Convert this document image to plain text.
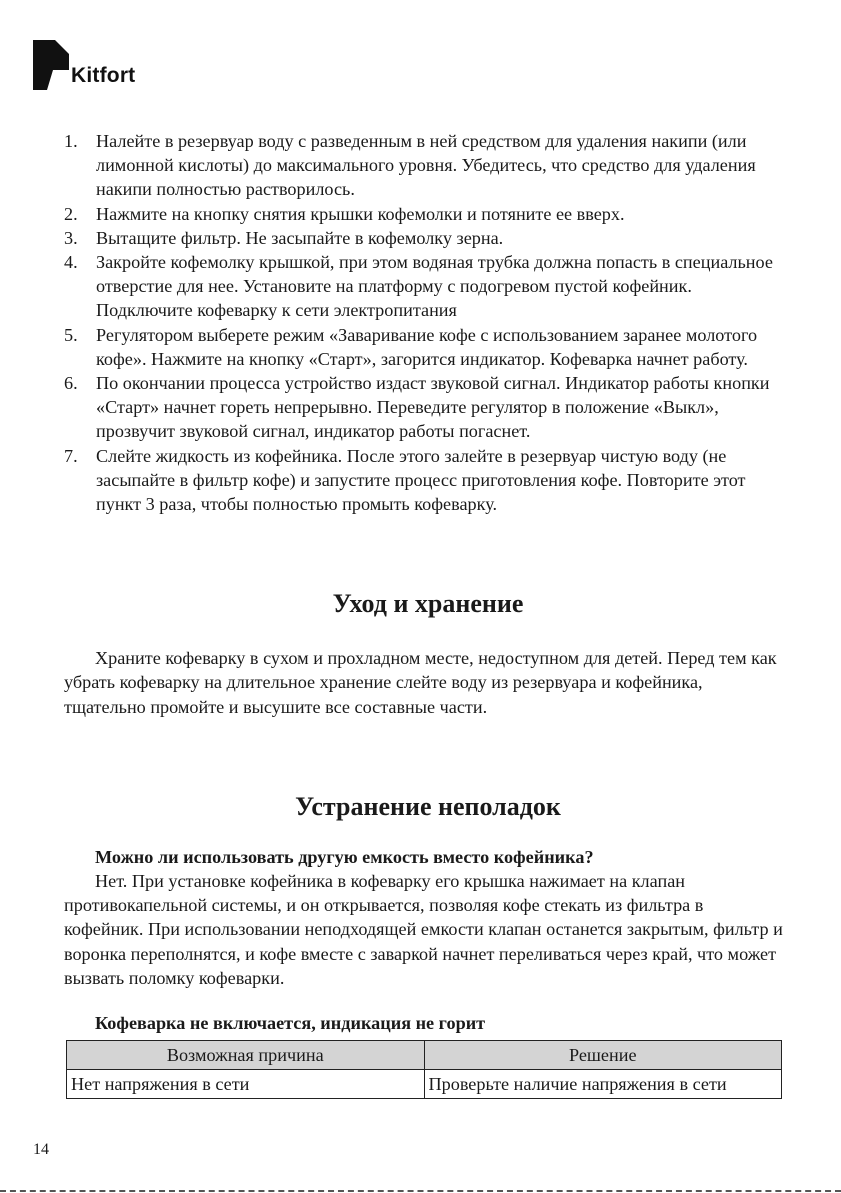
Kitfort
1. Налейте в резервуар воду с разведенным в ней средством для удаления накипи (или лимонной кислоты) до максимального уровня. Убедитесь, что средство для удаления накипи полностью растворилось.
2. Нажмите на кнопку снятия крышки кофемолки и потяните ее вверх.
3. Вытащите фильтр. Не засыпайте в кофемолку зерна.
4. Закройте кофемолку крышкой, при этом водяная трубка должна попасть в специальное отверстие для нее. Установите на платформу с подогревом пустой кофейник. Подключите кофеварку к сети электропитания
5. Регулятором выберете режим «Заваривание кофе с использованием заранее молотого кофе». Нажмите на кнопку «Старт», загорится индикатор. Кофеварка начнет работу.
6. По окончании процесса устройство издаст звуковой сигнал. Индикатор работы кнопки «Старт» начнет гореть непрерывно. Переведите регулятор в положение «Выкл», прозвучит звуковой сигнал, индикатор работы погаснет.
7. Слейте жидкость из кофейника. После этого залейте в резервуар чистую воду (не засыпайте в фильтр кофе) и запустите процесс приготовления кофе. Повторите этот пункт 3 раза, чтобы полностью промыть кофеварку.
Уход и хранение

Храните кофеварку в сухом и прохладном месте, недоступном для детей. Перед тем как убрать кофеварку на длительное хранение слейте воду из резервуара и кофейника, тщательно промойте и высушите все составные части.

Устранение неполадок

Можно ли использовать другую емкость вместо кофейника?

Нет. При установке кофейника в кофеварку его крышка нажимает на клапан противокапельной системы, и он открывается, позволяя кофе стекать из фильтра в кофейник. При использовании неподходящей емкости клапан останется закрытым, фильтр и воронка переполнятся, и кофе вместе с заваркой начнет переливаться через край, что может вызвать поломку кофеварки.

Кофеварка не включается, индикация не горит

Возможная причина	Решение
Нет напряжения в сети	Проверьте наличие напряжения в сети
14
